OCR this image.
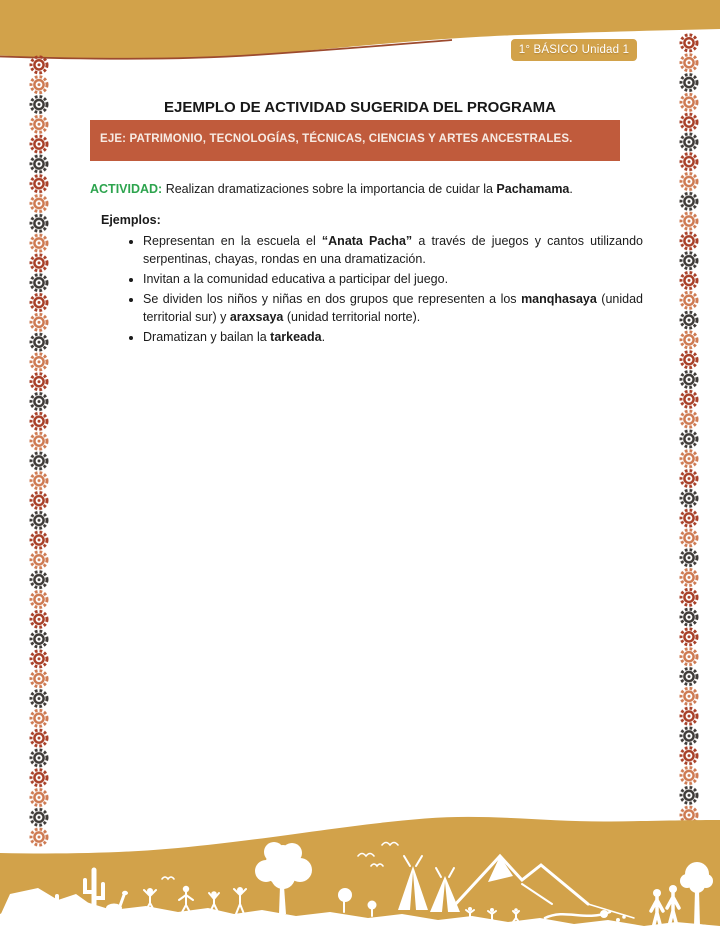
1° BÁSICO Unidad 1
EJEMPLO DE ACTIVIDAD SUGERIDA DEL PROGRAMA
EJE: PATRIMONIO, TECNOLOGÍAS, TÉCNICAS, CIENCIAS Y ARTES ANCESTRALES.

ACTIVIDAD: Realizan dramatizaciones sobre la importancia de cuidar la Pachamama.

Ejemplos:

• Representan en la escuela el “Anata Pacha” a través de juegos y cantos utilizando serpentinas, chayas, rondas en una dramatización.
• Invitan a la comunidad educativa a participar del juego.
• Se dividen los niños y niñas en dos grupos que representen a los manqhasaya (unidad territorial sur) y araxsaya (unidad territorial norte).
• Dramatizan y bailan la tarkeada.
